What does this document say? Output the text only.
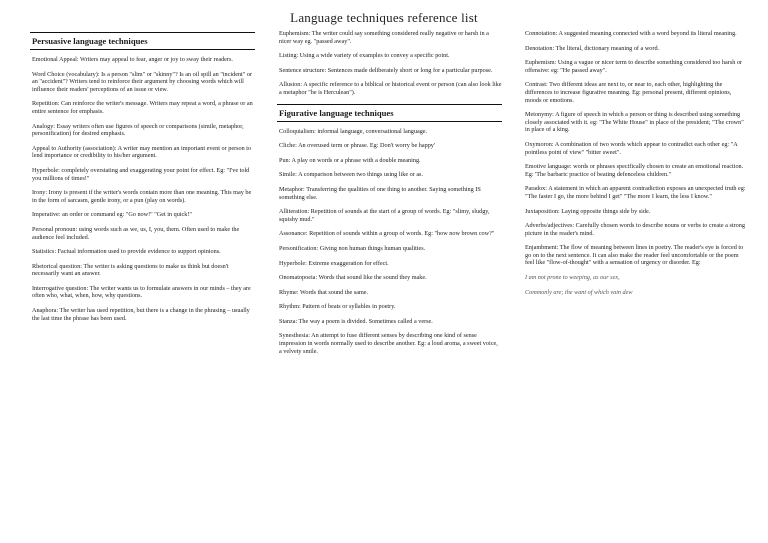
Language techniques reference list
Persuasive language techniques
Emotional Appeal: Writers may appeal to fear, anger or joy to sway their readers.
Word Choice (vocabulary): Is a person "slim" or "skinny"? Is an oil spill an "incident" or an "accident"? Writers tend to reinforce their argument by choosing words which will influence their readers' perceptions of an issue or view.
Repetition: Can reinforce the writer's message. Writers may repeat a word, a phrase or an entire sentence for emphasis.
Analogy: Essay writers often use figures of speech or comparisons (simile, metaphor, personification) for desired emphasis.
Appeal to Authority (association): A writer may mention an important event or person to lend importance or credibility to his/her argument.
Hyperbole: completely overstating and exaggerating your point for effect. Eg: "I've told you millions of times!"
Irony: Irony is present if the writer's words contain more than one meaning. This may be in the form of sarcasm, gentle irony, or a pun (play on words).
Imperative: an order or command eg: "Go now!" "Get in quick!"
Personal pronoun: using words such as we, us, I, you, them. Often used to make the audience feel included.
Statistics: Factual information used to provide evidence to support opinions.
Rhetorical question: The writer is asking questions to make us think but doesn't necessarily want an answer.
Interrogative question: The writer wants us to formulate answers in our minds – they are often who, what, when, how, why questions.
Anaphora: The writer has used repetition, but there is a change in the phrasing – usually the last time the phrase has been used.
Euphemism: The writer could say something considered really negative or harsh in a nicer way eg. "passed away".
Listing: Using a wide variety of examples to convey a specific point.
Sentence structure: Sentences made deliberately short or long for a particular purpose.
Allusion: A specific reference to a biblical or historical event or person (can also look like a metaphor "he is Herculean").
Figurative language techniques
Colloquialism: informal language, conversational language.
Cliche: An overused term or phrase. Eg: Don't worry be happy'
Pun: A play on words or a phrase with a double meaning.
Simile: A comparison between two things using like or as.
Metaphor: Transferring the qualities of one thing to another. Saying something IS something else.
Alliteration: Repetition of sounds at the start of a group of words. Eg: "slimy, sludgy, squishy mud."
Assonance: Repetition of sounds within a group of words. Eg: "how now brown cow?"
Personification: Giving non human things human qualities.
Hyperbole: Extreme exaggeration for effect.
Onomatopoeia: Words that sound like the sound they make.
Rhyme: Words that sound the same.
Rhythm: Pattern of beats or syllables in poetry.
Stanza: The way a poem is divided. Sometimes called a verse.
Synesthesia: An attempt to fuse different senses by describing one kind of sense impression in words normally used to describe another. Eg: a loud aroma, a sweet voice, a velvety smile.
Connotation: A suggested meaning connected with a word beyond its literal meaning.
Denotation: The literal, dictionary meaning of a word.
Euphemism: Using a vague or nicer term to describe something considered too harsh or offensive: eg: "He passed away".
Contrast: Two different ideas are next to, or near to, each other, highlighting the differences to increase figurative meaning. Eg: personal present, different opinions, moods or emotions.
Metonymy: A figure of speech in which a person or thing is described using something closely associated with it. eg: "The White House" in place of the president; "The crown" in place of a king.
Oxymoron: A combination of two words which appear to contradict each other eg: "A pointless point of view" "bitter sweet".
Emotive language: words or phrases specifically chosen to create an emotional reaction. Eg: 'The barbaric practice of beating defenceless children."
Paradox: A statement in which an apparent contradiction exposes an unexpected truth eg: "The faster I go, the more behind I get" "The more I learn, the less I know."
Juxtaposition: Laying opposite things side by side.
Adverbs/adjectives: Carefully chosen words to describe nouns or verbs to create a strong picture in the reader's mind.
Enjambment: The flow of meaning between lines in poetry. The reader's eye is forced to go on to the next sentence. It can also make the reader feel uncomfortable or the poem feel like "flow-of-thought" with a sensation of urgency or disorder. Eg:
I am not prone to weeping, as our sex,
Commonly are; the want of which vain dew
